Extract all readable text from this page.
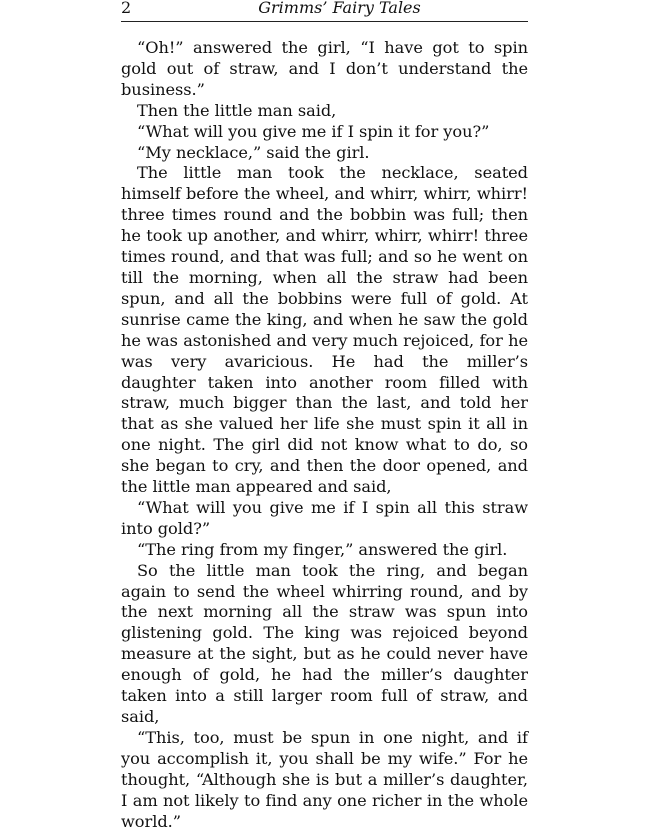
2	Grimms’ Fairy Tales

“Oh!” answered the girl, “I have got to spin gold out of straw, and I don’t understand the business.”

Then the little man said,

“What will you give me if I spin it for you?”

“My necklace,” said the girl.

The little man took the necklace, seated himself before the wheel, and whirr, whirr, whirr! three times round and the bobbin was full; then he took up another, and whirr, whirr, whirr! three times round, and that was full; and so he went on till the morning, when all the straw had been spun, and all the bobbins were full of gold. At sunrise came the king, and when he saw the gold he was astonished and very much rejoiced, for he was very avaricious. He had the miller’s daughter taken into another room filled with straw, much bigger than the last, and told her that as she valued her life she must spin it all in one night. The girl did not know what to do, so she began to cry, and then the door opened, and the little man appeared and said,

“What will you give me if I spin all this straw into gold?”

“The ring from my finger,” answered the girl.

So the little man took the ring, and began again to send the wheel whirring round, and by the next morning all the straw was spun into glistening gold. The king was rejoiced beyond measure at the sight, but as he could never have enough of gold, he had the miller’s daughter taken into a still larger room full of straw, and said,

“This, too, must be spun in one night, and if you accomplish it, you shall be my wife.” For he thought, “Although she is but a miller’s daughter, I am not likely to find any one richer in the whole world.”
